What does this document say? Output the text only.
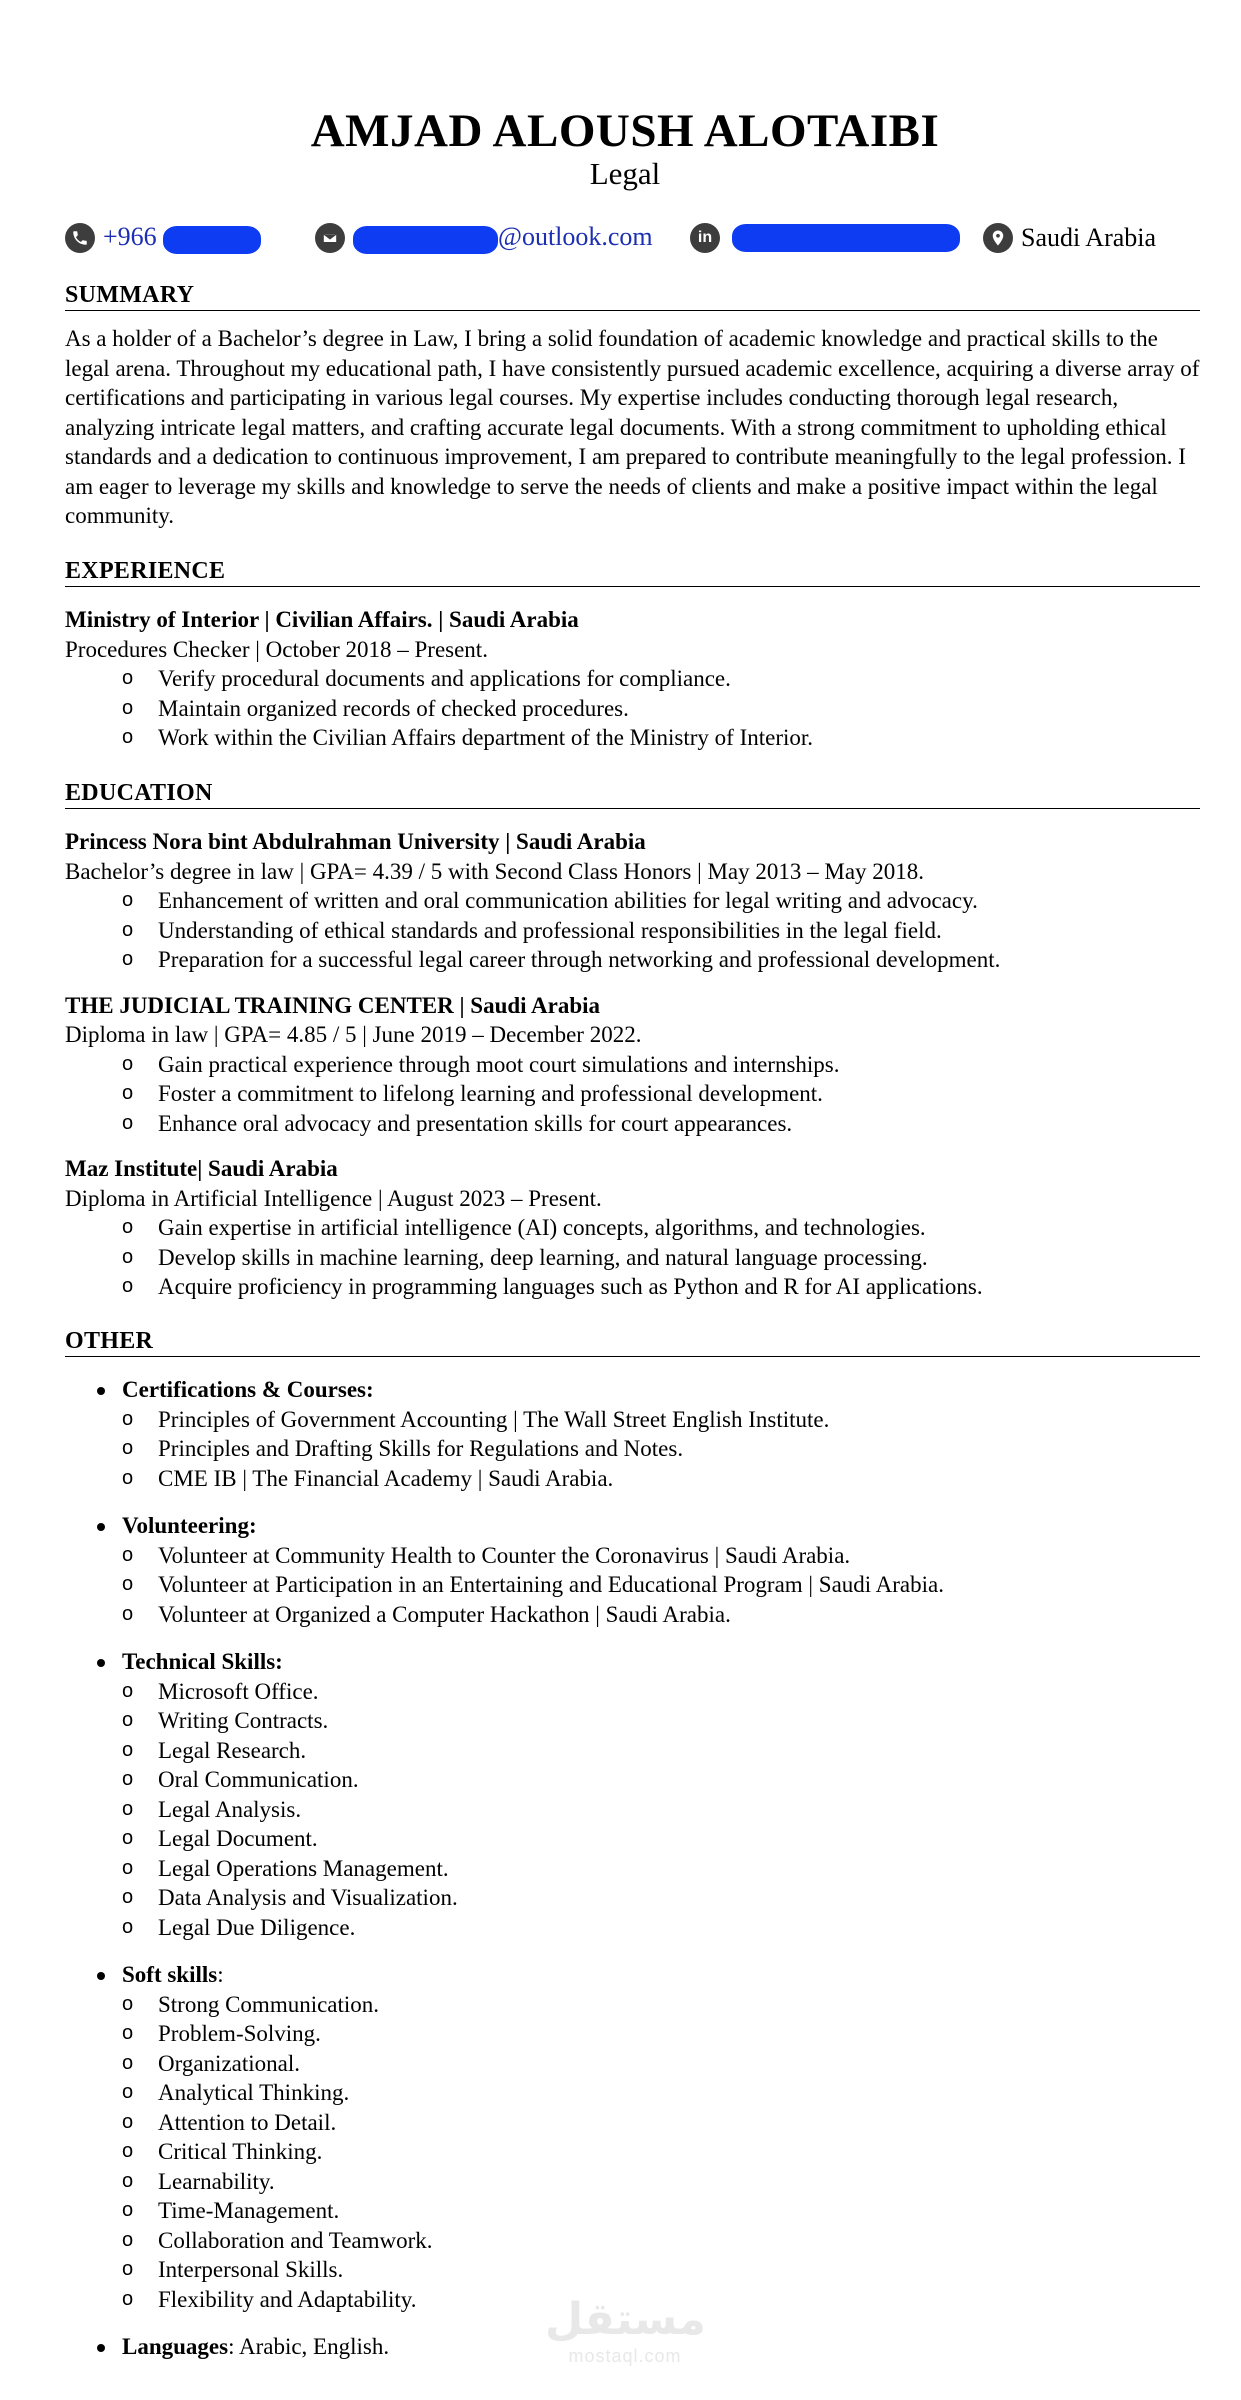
AMJAD ALOUSH ALOTAIBI
Legal
+966	@outlook.com	in	Saudi Arabia
SUMMARY

As a holder of a Bachelor’s degree in Law, I bring a solid foundation of academic knowledge and practical skills to the legal arena. Throughout my educational path, I have consistently pursued academic excellence, acquiring a diverse array of certifications and participating in various legal courses. My expertise includes conducting thorough legal research, analyzing intricate legal matters, and crafting accurate legal documents. With a strong commitment to upholding ethical standards and a dedication to continuous improvement, I am prepared to contribute meaningfully to the legal profession. I am eager to leverage my skills and knowledge to serve the needs of clients and make a positive impact within the legal community.

EXPERIENCE
Ministry of Interior | Civilian Affairs. | Saudi Arabia
Procedures Checker | October 2018 – Present.
o Verify procedural documents and applications for compliance.
o Maintain organized records of checked procedures.
o Work within the Civilian Affairs department of the Ministry of Interior.
EDUCATION
Princess Nora bint Abdulrahman University | Saudi Arabia
Bachelor’s degree in law | GPA= 4.39 / 5 with Second Class Honors | May 2013 – May 2018.
o Enhancement of written and oral communication abilities for legal writing and advocacy.
o Understanding of ethical standards and professional responsibilities in the legal field.
o Preparation for a successful legal career through networking and professional development.
THE JUDICIAL TRAINING CENTER | Saudi Arabia
Diploma in law | GPA= 4.85 / 5 | June 2019 – December 2022.
o Gain practical experience through moot court simulations and internships.
o Foster a commitment to lifelong learning and professional development.
o Enhance oral advocacy and presentation skills for court appearances.
Maz Institute| Saudi Arabia
Diploma in Artificial Intelligence | August 2023 – Present.
o Gain expertise in artificial intelligence (AI) concepts, algorithms, and technologies.
o Develop skills in machine learning, deep learning, and natural language processing.
o Acquire proficiency in programming languages such as Python and R for AI applications.
OTHER
Certifications & Courses:
o Principles of Government Accounting | The Wall Street English Institute.
o Principles and Drafting Skills for Regulations and Notes.
o CME IB | The Financial Academy | Saudi Arabia.
Volunteering:
o Volunteer at Community Health to Counter the Coronavirus | Saudi Arabia.
o Volunteer at Participation in an Entertaining and Educational Program | Saudi Arabia.
o Volunteer at Organized a Computer Hackathon | Saudi Arabia.
Technical Skills:
o Microsoft Office.
o Writing Contracts.
o Legal Research.
o Oral Communication.
o Legal Analysis.
o Legal Document.
o Legal Operations Management.
o Data Analysis and Visualization.
o Legal Due Diligence.
Soft skills:
o Strong Communication.
o Problem-Solving.
o Organizational.
o Analytical Thinking.
o Attention to Detail.
o Critical Thinking.
o Learnability.
o Time-Management.
o Collaboration and Teamwork.
o Interpersonal Skills.
o Flexibility and Adaptability.
Languages: Arabic, English.
مستقل
mostaql.com
